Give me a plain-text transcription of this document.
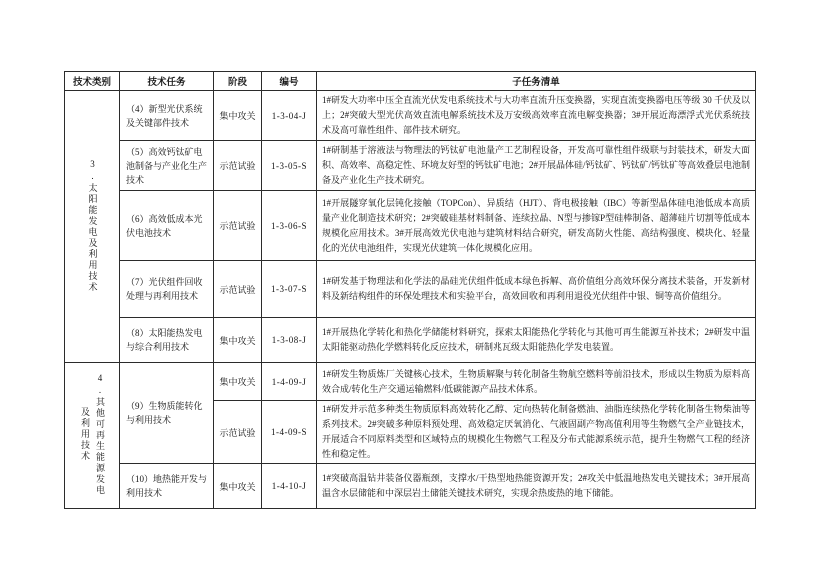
技术类别	技术任务	阶段	编号	子任务清单
3.太阳能发电及利用技术	（4）新型光伏系统及关键部件技术	集中攻关	1-3-04-J	1#研发大功率中压全直流光伏发电系统技术与大功率直流升压变换器，实现直流变换器电压等级 30 千伏及以上；2#突破大型光伏高效直流电解系统技术及万安级高效率直流电解变换器；3#开展近海漂浮式光伏系统技术及高可靠性组件、部件技术研究。
	（5）高效钙钛矿电池制备与产业化生产技术	示范试验	1-3-05-S	1#研制基于溶液法与物理法的钙钛矿电池量产工艺制程设备，开发高可靠性组件级联与封装技术，研发大面积、高效率、高稳定性、环境友好型的钙钛矿电池；2#开展晶体硅/钙钛矿、钙钛矿/钙钛矿等高效叠层电池制备及产业化生产技术研究。
	（6）高效低成本光伏电池技术	示范试验	1-3-06-S	1#开展隧穿氧化层钝化接触（TOPCon）、异质结（HJT）、背电极接触（IBC）等新型晶体硅电池低成本高质量产业化制造技术研究；2#突破硅基材料制备、连续拉晶、N型与掺镓P型硅棒制备、超薄硅片切割等低成本规模化应用技术。3#开展高效光伏电池与建筑材料结合研究，研发高防火性能、高结构强度、模块化、轻量化的光伏电池组件，实现光伏建筑一体化规模化应用。
	（7）光伏组件回收处理与再利用技术	示范试验	1-3-07-S	1#研发基于物理法和化学法的晶硅光伏组件低成本绿色拆解、高价值组分高效环保分离技术装备，开发新材料及新结构组件的环保处理技术和实验平台，高效回收和再利用退役光伏组件中银、铜等高价值组分。
	（8）太阳能热发电与综合利用技术	集中攻关	1-3-08-J	1#开展热化学转化和热化学储能材料研究，探索太阳能热化学转化与其他可再生能源互补技术；2#研发中温太阳能驱动热化学燃料转化反应技术，研制兆瓦级太阳能热化学发电装置。
4.其他可再生能源发电及利用技术	（9）生物质能转化与利用技术	集中攻关	1-4-09-J	1#研发生物质炼厂关键核心技术，生物质解聚与转化制备生物航空燃料等前沿技术，形成以生物质为原料高效合成/转化生产交通运输燃料/低碳能源产品技术体系。
		示范试验	1-4-09-S	1#研发并示范多种类生物质原料高效转化乙醇、定向热转化制备燃油、油脂连续热化学转化制备生物柴油等系列技术。2#突破多种原料预处理、高效稳定厌氧消化、气液固副产物高值利用等生物燃气全产业链技术，开展适合不同原料类型和区域特点的规模化生物燃气工程及分布式能源系统示范，提升生物燃气工程的经济性和稳定性。
	（10）地热能开发与利用技术	集中攻关	1-4-10-J	1#突破高温钻井装备仪器瓶颈，支撑水/干热型地热能资源开发；2#攻关中低温地热发电关键技术；3#开展高温含水层储能和中深层岩土储能关键技术研究，实现余热废热的地下储能。
